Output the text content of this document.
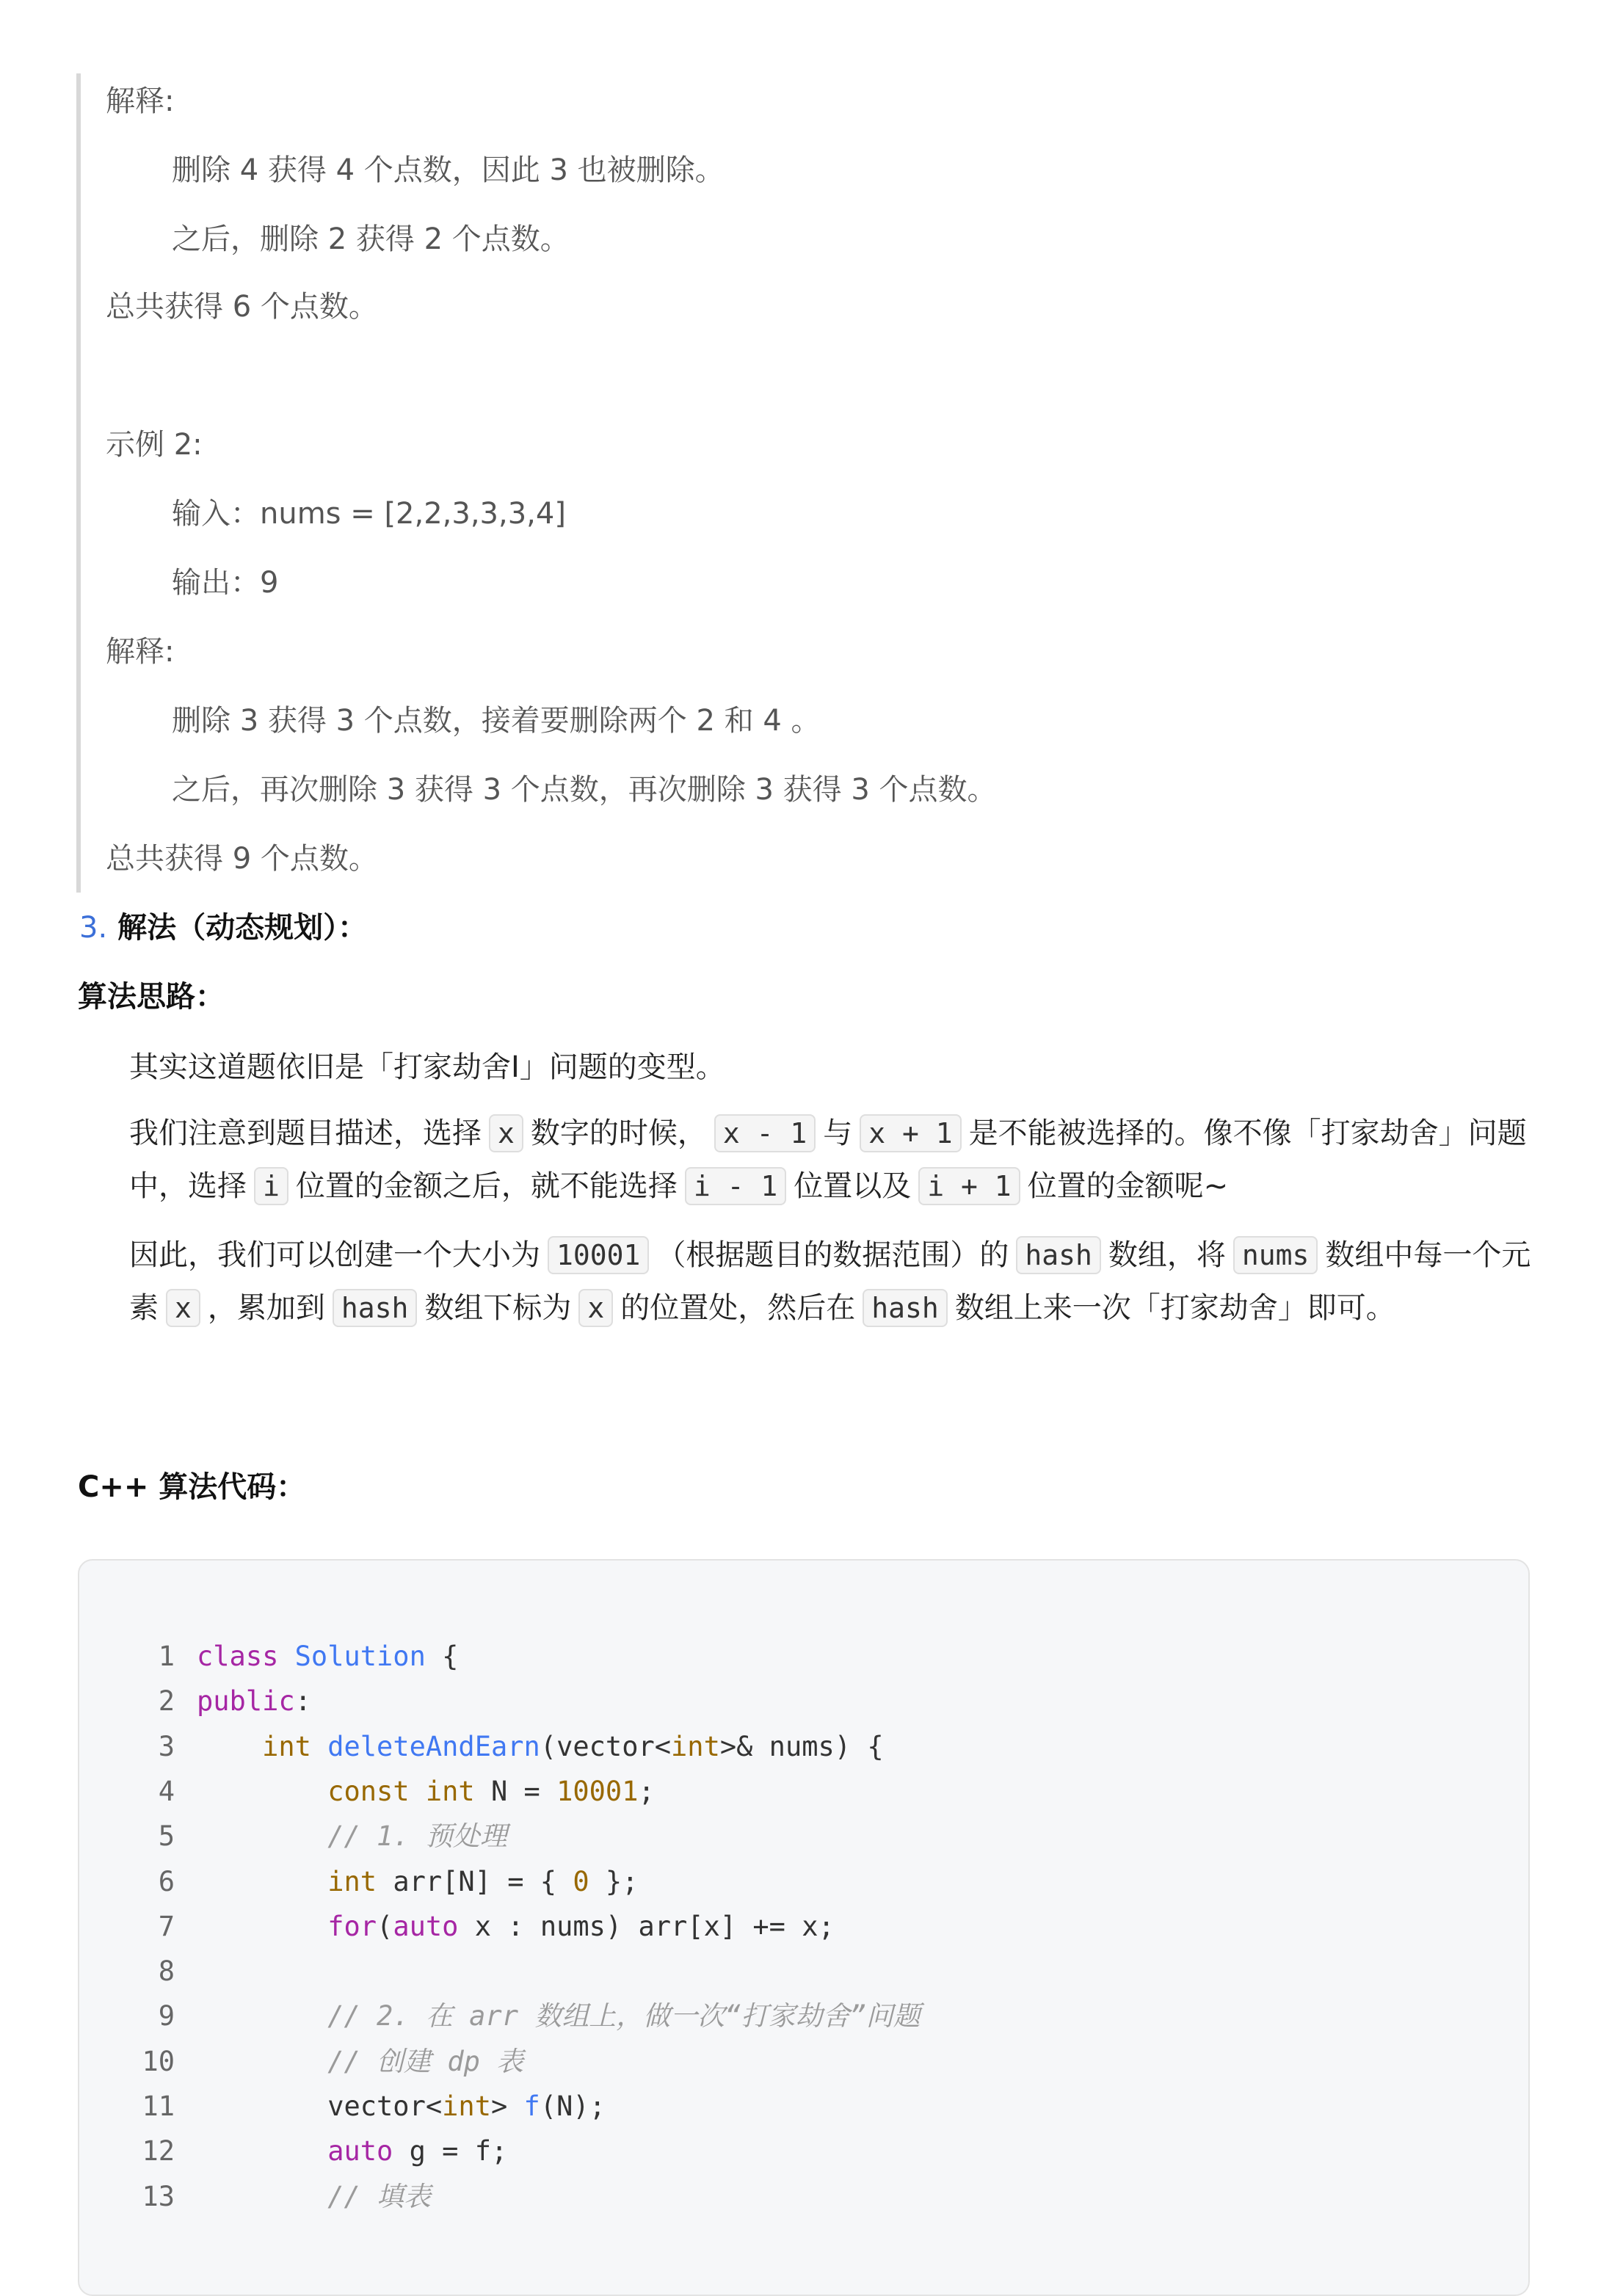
解释:
删除 4 获得 4 个点数，因此 3 也被删除。
之后，删除 2 获得 2 个点数。
总共获得 6 个点数。
示例 2:
输入：nums = [2,2,3,3,3,4]
输出：9
解释:
删除 3 获得 3 个点数，接着要删除两个 2 和 4 。
之后，再次删除 3 获得 3 个点数，再次删除 3 获得 3 个点数。
总共获得 9 个点数。
3. 解法（动态规划）：
算法思路：

其实这道题依旧是「打家劫舍I」问题的变型。

我们注意到题目描述，选择 x 数字的时候， x - 1 与 x + 1 是不能被选择的。像不像「打家劫舍」问题中，选择 i 位置的金额之后，就不能选择 i - 1 位置以及 i + 1 位置的金额呢~

因此，我们可以创建一个大小为 10001 （根据题目的数据范围）的 hash 数组，将 nums 数组中每一个元素 x ，累加到 hash 数组下标为 x 的位置处，然后在 hash 数组上来一次「打家劫舍」即可。

C++ 算法代码：
1 class Solution {
2 public:
3	int deleteAndEarn(vector<int>& nums) {
4	const int N = 10001;
5	// 1. 预处理
6	int arr[N] = { 0 };
7	for(auto x : nums) arr[x] += x;
8
9	// 2. 在 arr 数组上，做一次“打家劫舍”问题
10	// 创建 dp 表
11        vector<int> f(N);
12	auto g = f;
13	// 填表
